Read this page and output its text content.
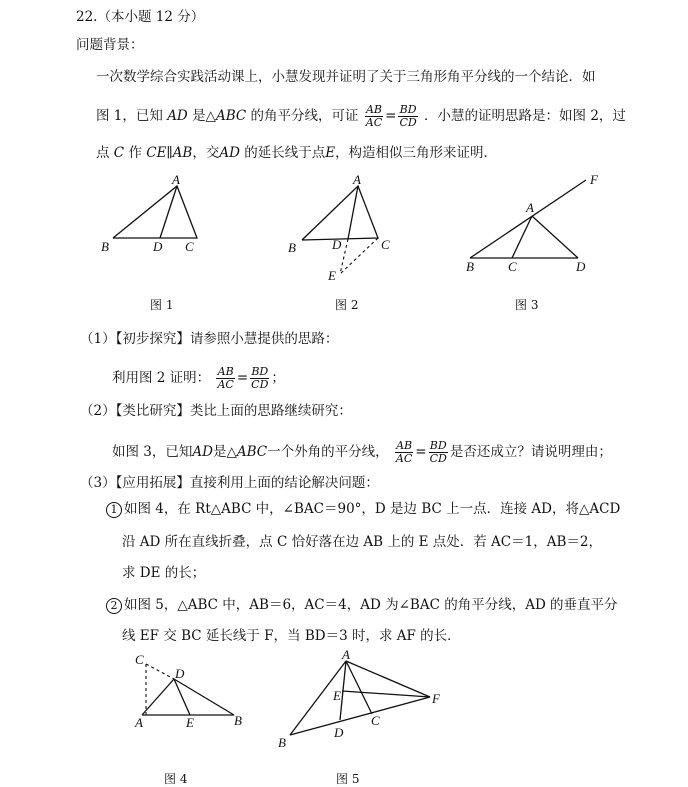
22.（本小题 12 分）
问题背景：
一次数学综合实践活动课上，小慧发现并证明了关于三角形角平分线的一个结论．如
图 1，已知 AD 是△ABC 的角平分线，可证 $\frac{AB}{AC} = \frac{BD}{CD}$ ．小慧的证明思路是：如图 2，过
点 C 作 CE∥AB，交AD 的延长线于点E，构造相似三角形来证明．
A
B	D C
图 1
A
B	D	C
E
图 2
A
F
B	C	D
图 3
（1）【初步探究】请参照小慧提供的思路：
利用图 2 证明： $\frac{AB}{AC} = \frac{BD}{CD}$ ；
（2）【类比研究】类比上面的思路继续研究：
如图 3，已知AD是△ABC一个外角的平分线， $\frac{AB}{AC} = \frac{BD}{CD}$ 是否还成立？请说明理由；
（3）【应用拓展】直接利用上面的结论解决问题：
1 如图 4，在 Rt△ABC 中，∠BAC＝90°，D 是边 BC 上一点．连接 AD，将△ACD
沿 AD 所在直线折叠，点 C 恰好落在边 AB 上的 E 点处．若 AC＝1，AB＝2，
求 DE 的长；
2 如图 5，△ABC 中，AB＝6，AC＝4，AD 为∠BAC 的角平分线，AD 的垂直平分
线 EF 交 BC 延长线于 F，当 BD＝3 时，求 AF 的长．
C
D
A	E	B
图 4
A
E	F
C
D
B
图 5
